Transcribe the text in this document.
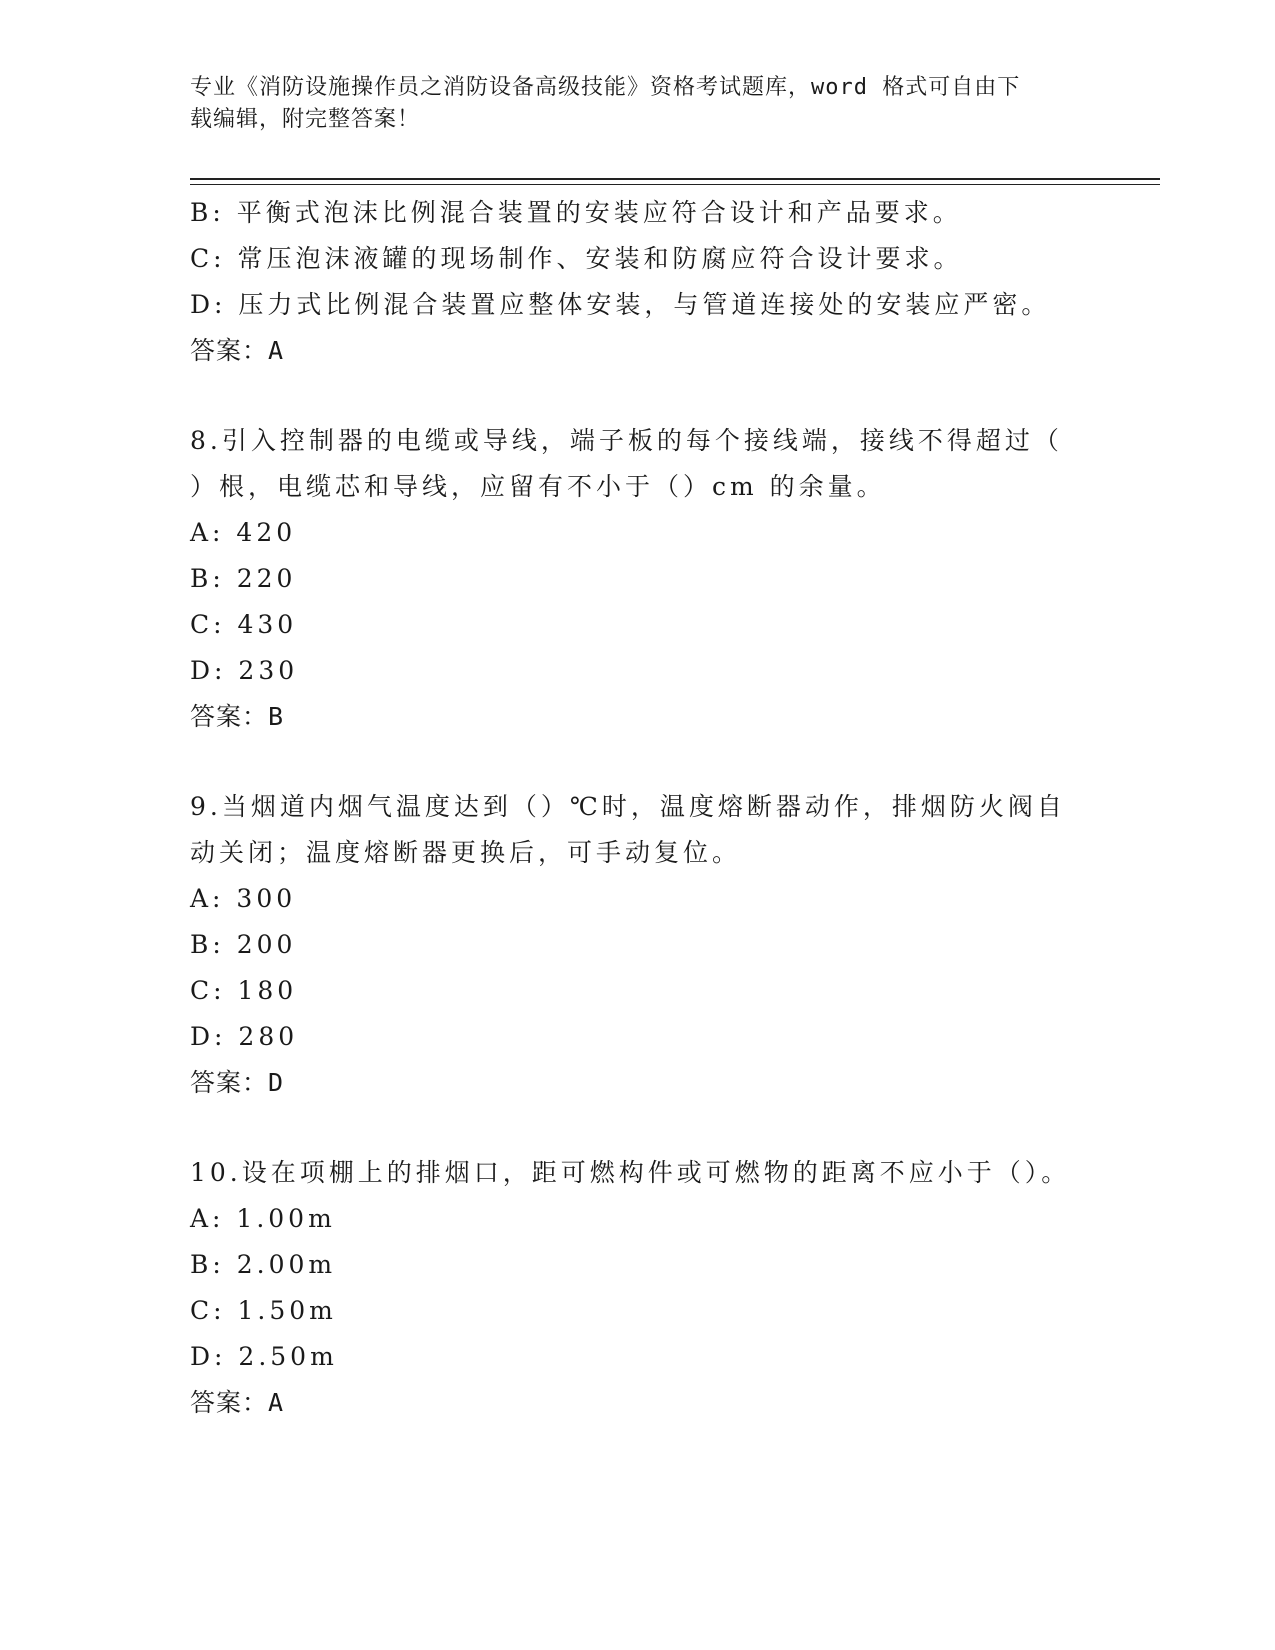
专业《消防设施操作员之消防设备高级技能》资格考试题库，word 格式可自由下
载编辑，附完整答案！
B: 平衡式泡沫比例混合装置的安装应符合设计和产品要求。
C: 常压泡沫液罐的现场制作、安装和防腐应符合设计要求。
D: 压力式比例混合装置应整体安装，与管道连接处的安装应严密。
答案：A
8.引入控制器的电缆或导线，端子板的每个接线端，接线不得超过（
）根，电缆芯和导线，应留有不小于（）cm 的余量。
A: 420
B: 220
C: 430
D: 230
答案：B
9.当烟道内烟气温度达到（）℃时，温度熔断器动作，排烟防火阀自
动关闭；温度熔断器更换后，可手动复位。
A: 300
B: 200
C: 180
D: 280
答案：D
10.设在项棚上的排烟口，距可燃构件或可燃物的距离不应小于（）。
A: 1.00m
B: 2.00m
C: 1.50m
D: 2.50m
答案：A
